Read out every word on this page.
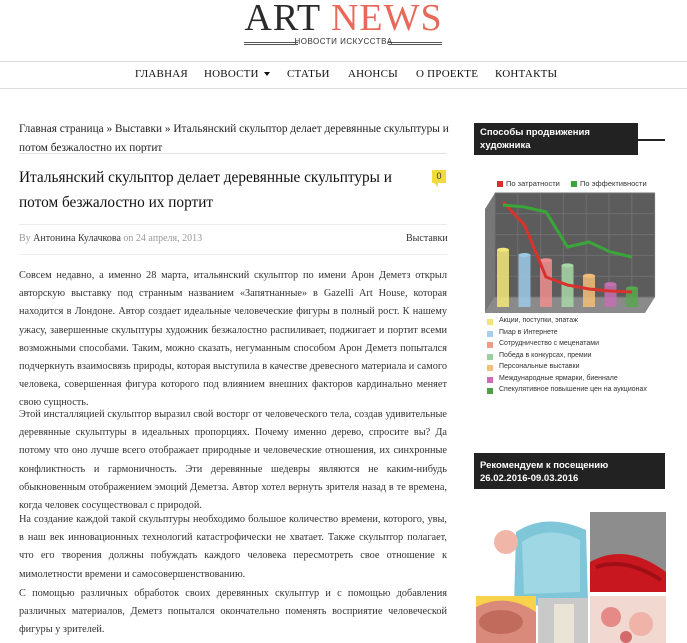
ART NEWS
НОВОСТИ ИСКУССТВА
ГЛАВНАЯ НОВОСТИ	СТАТЬИ АНОНСЫ О ПРОЕКТЕ КОНТАКТЫ
Главная страница » Выставки » Итальянский скульптор делает деревянные скульптуры и потом безжалостно их портит
Итальянский скульптор делает деревянные скульптуры и потом безжалостно их портит
0
By Антонина Кулачкова on 24 апреля, 2013	Выставки

Совсем недавно, а именно 28 марта, итальянский скульптор по имени Арон Деметз открыл авторскую выставку под странным названием «Запятнанные» в Gazelli Art House, которая находится в Лондоне. Автор создает идеальные человеческие фигуры в полный рост. К нашему ужасу, завершенные скульптуры художник безжалостно распиливает, поджигает и портит всеми возможными способами. Таким, можно сказать, негуманным способом Арон Деметз попытался подчеркнуть взаимосвязь природы, которая выступила в качестве древесного материала и самого человека, совершенная фигура которого под влиянием внешних факторов кардинально меняет свою сущность.

Этой инсталляцией скульптор выразил свой восторг от человеческого тела, создав удивительные деревянные скульптуры в идеальных пропорциях. Почему именно дерево, спросите вы? Да потому что оно лучше всего отображает природные и человеческие отношения, их синхронные конфликтность и гармоничность. Эти деревянные шедевры являются не каким-нибудь обыкновенным отображением эмоций Деметза. Автор хотел вернуть зрителя назад в те времена, когда человек сосуществовал с природой.

На создание каждой такой скульптуры необходимо большое количество времени, которого, увы, в наш век инновационных технологий катастрофически не хватает. Также скульптор полагает, что его творения должны побуждать каждого человека пересмотреть свое отношение к мимолетности времени и самосовершенствованию.

С помощью различных обработок своих деревянных скульптур и с помощью добавления различных материалов, Деметз попытался окончательно поменять восприятие человеческой фигуры у зрителей.

Способы продвижения художника
По затратности	По эффективности
Акции, поступки, эпатаж
Пиар в Интернете
Сотрудничество с меценатами
Победа в конкурсах, премии
Персональные выставки
Международные ярмарки, биеннале
Спекулятивное повышение цен на аукционах
Рекомендуем к посещению 26.02.2016-09.03.2016
